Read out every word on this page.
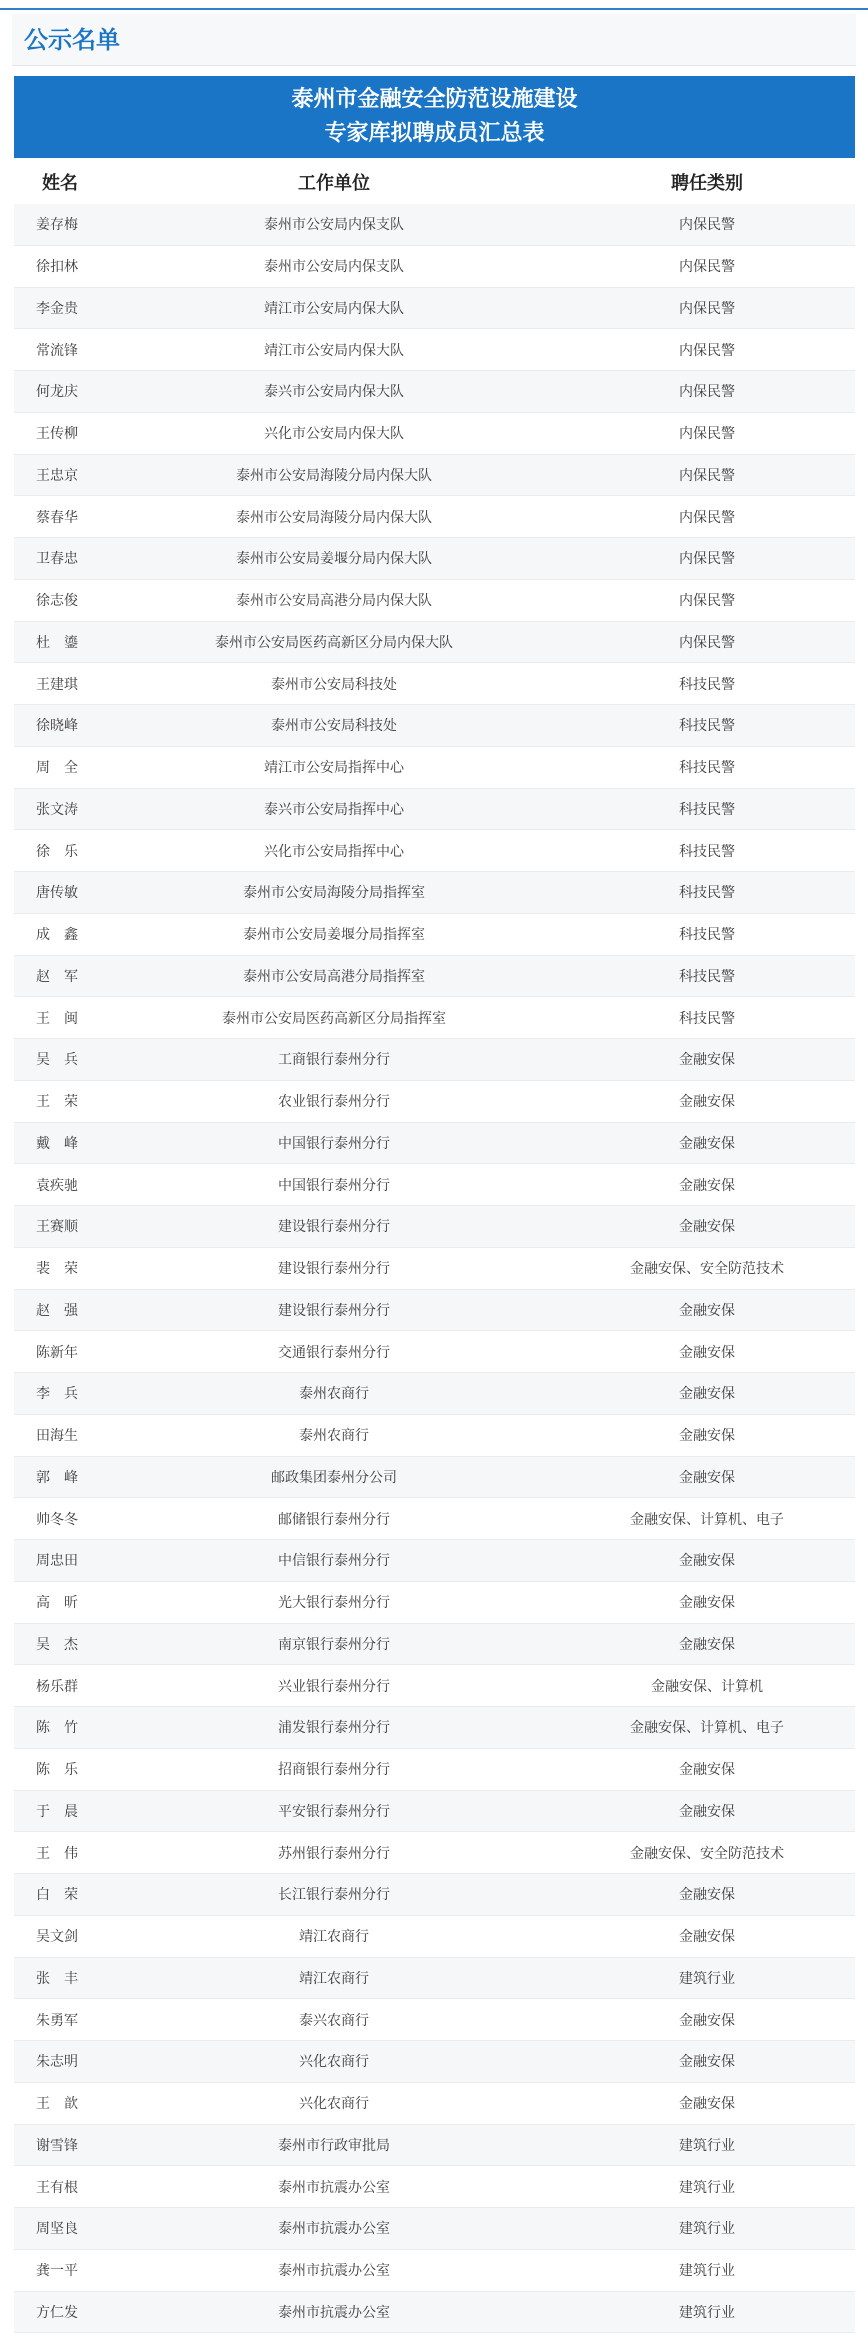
公示名单
泰州市金融安全防范设施建设
专家库拟聘成员汇总表
姓名	工作单位	聘任类别
姜存梅	泰州市公安局内保支队	内保民警
徐扣林	泰州市公安局内保支队	内保民警
李金贵	靖江市公安局内保大队	内保民警
常流锋	靖江市公安局内保大队	内保民警
何龙庆	泰兴市公安局内保大队	内保民警
王传柳	兴化市公安局内保大队	内保民警
王忠京	泰州市公安局海陵分局内保大队	内保民警
蔡春华	泰州市公安局海陵分局内保大队	内保民警
卫春忠	泰州市公安局姜堰分局内保大队	内保民警
徐志俊	泰州市公安局高港分局内保大队	内保民警
杜　鎏	泰州市公安局医药高新区分局内保大队	内保民警
王建琪	泰州市公安局科技处	科技民警
徐晓峰	泰州市公安局科技处	科技民警
周　全	靖江市公安局指挥中心	科技民警
张文涛	泰兴市公安局指挥中心	科技民警
徐　乐	兴化市公安局指挥中心	科技民警
唐传敏	泰州市公安局海陵分局指挥室	科技民警
成　鑫	泰州市公安局姜堰分局指挥室	科技民警
赵　军	泰州市公安局高港分局指挥室	科技民警
王　闽	泰州市公安局医药高新区分局指挥室	科技民警
吴　兵	工商银行泰州分行	金融安保
王　荣	农业银行泰州分行	金融安保
戴　峰	中国银行泰州分行	金融安保
袁疾驰	中国银行泰州分行	金融安保
王赛顺	建设银行泰州分行	金融安保
裴　荣	建设银行泰州分行	金融安保、安全防范技术
赵　强	建设银行泰州分行	金融安保
陈新年	交通银行泰州分行	金融安保
李　兵	泰州农商行	金融安保
田海生	泰州农商行	金融安保
郭　峰	邮政集团泰州分公司	金融安保
帅冬冬	邮储银行泰州分行	金融安保、计算机、电子
周忠田	中信银行泰州分行	金融安保
高　昕	光大银行泰州分行	金融安保
吴　杰	南京银行泰州分行	金融安保
杨乐群	兴业银行泰州分行	金融安保、计算机
陈　竹	浦发银行泰州分行	金融安保、计算机、电子
陈　乐	招商银行泰州分行	金融安保
于　晨	平安银行泰州分行	金融安保
王　伟	苏州银行泰州分行	金融安保、安全防范技术
白　荣	长江银行泰州分行	金融安保
吴文剑	靖江农商行	金融安保
张　丰	靖江农商行	建筑行业
朱勇军	泰兴农商行	金融安保
朱志明	兴化农商行	金融安保
王　歆	兴化农商行	金融安保
谢雪锋	泰州市行政审批局	建筑行业
王有根	泰州市抗震办公室	建筑行业
周坚良	泰州市抗震办公室	建筑行业
龚一平	泰州市抗震办公室	建筑行业
方仁发	泰州市抗震办公室	建筑行业
